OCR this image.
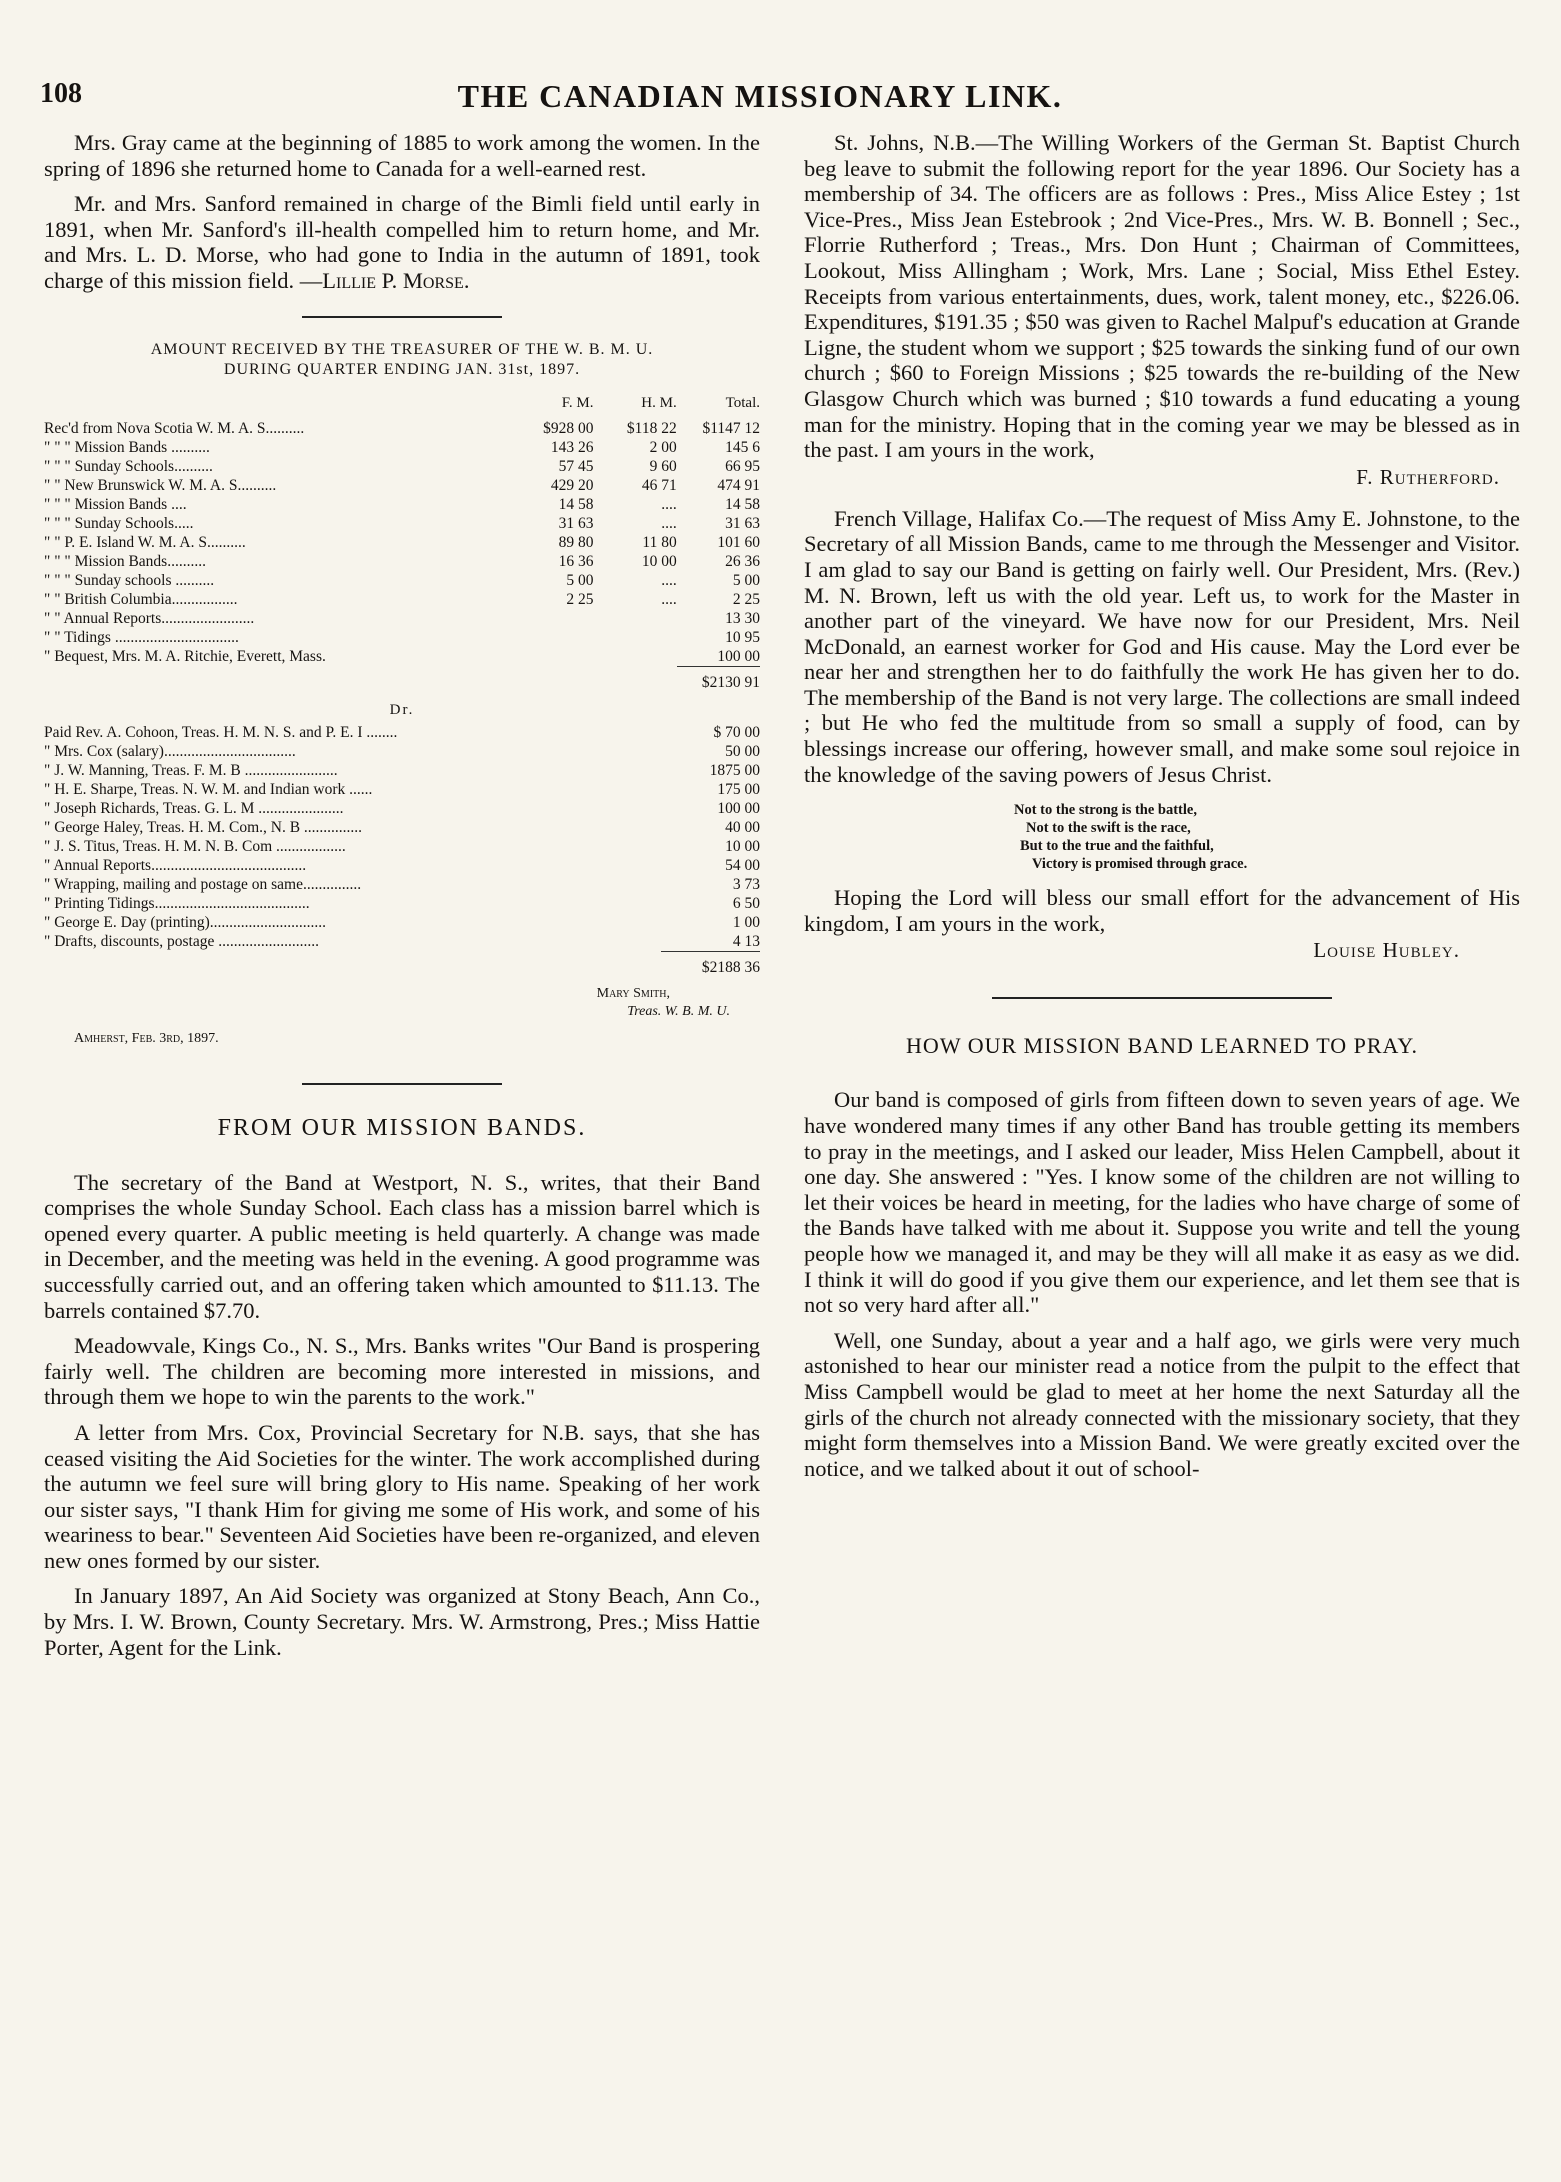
108	THE CANADIAN MISSIONARY LINK.

Mrs. Gray came at the beginning of 1885 to work among the women. In the spring of 1896 she returned home to Canada for a well-earned rest.

Mr. and Mrs. Sanford remained in charge of the Bimli field until early in 1891, when Mr. Sanford's ill-health compelled him to return home, and Mr. and Mrs. L. D. Morse, who had gone to India in the autumn of 1891, took charge of this mission field. —Lillie P. Morse.

AMOUNT RECEIVED BY THE TREASURER OF THE W. B. M. U.
DURING QUARTER ENDING JAN. 31st, 1897.
	F. M.	H. M.	Total.
Rec'd from Nova Scotia W. M. A. S..........	$928 00	$118 22	$1147 12
" " " Mission Bands ..........	143 26	2 00	145 6
" " " Sunday Schools..........	57 45	9 60	66 95
" " New Brunswick W. M. A. S..........	429 20	46 71	474 91
" " " Mission Bands ....	14 58	....	14 58
" " " Sunday Schools.....	31 63	....	31 63
" " P. E. Island W. M. A. S..........	89 80	11 80	101 60
" " " Mission Bands..........	16 36	10 00	26 36
" " " Sunday schools ..........	5 00	....	5 00
" " British Columbia.................	2 25	....	2 25
" " Annual Reports........................			13 30
" " Tidings ................................			10 95
" Bequest, Mrs. M. A. Ritchie, Everett, Mass.			100 00
			$2130 91
Dr.
Paid Rev. A. Cohoon, Treas. H. M. N. S. and P. E. I ........	$ 70 00
" Mrs. Cox (salary)..................................	50 00
" J. W. Manning, Treas. F. M. B ........................	1875 00
" H. E. Sharpe, Treas. N. W. M. and Indian work ......	175 00
" Joseph Richards, Treas. G. L. M ......................	100 00
" George Haley, Treas. H. M. Com., N. B ...............	40 00
" J. S. Titus, Treas. H. M. N. B. Com ..................	10 00
" Annual Reports........................................	54 00
" Wrapping, mailing and postage on same...............	3 73
" Printing Tidings........................................	6 50
" George E. Day (printing)..............................	1 00
" Drafts, discounts, postage ..........................	4 13
	$2188 36
Mary Smith,
Treas. W. B. M. U.
Amherst, Feb. 3rd, 1897.
FROM OUR MISSION BANDS.

The secretary of the Band at Westport, N. S., writes, that their Band comprises the whole Sunday School. Each class has a mission barrel which is opened every quarter. A public meeting is held quarterly. A change was made in December, and the meeting was held in the evening. A good programme was successfully carried out, and an offering taken which amounted to $11.13. The barrels contained $7.70.

Meadowvale, Kings Co., N. S., Mrs. Banks writes "Our Band is prospering fairly well. The children are becoming more interested in missions, and through them we hope to win the parents to the work."

A letter from Mrs. Cox, Provincial Secretary for N.B. says, that she has ceased visiting the Aid Societies for the winter. The work accomplished during the autumn we feel sure will bring glory to His name. Speaking of her work our sister says, "I thank Him for giving me some of His work, and some of his weariness to bear." Seventeen Aid Societies have been re-organized, and eleven new ones formed by our sister.

In January 1897, An Aid Society was organized at Stony Beach, Ann Co., by Mrs. I. W. Brown, County Secretary. Mrs. W. Armstrong, Pres.; Miss Hattie Porter, Agent for the Link.

St. Johns, N.B.—The Willing Workers of the German St. Baptist Church beg leave to submit the following report for the year 1896. Our Society has a membership of 34. The officers are as follows : Pres., Miss Alice Estey ; 1st Vice-Pres., Miss Jean Estebrook ; 2nd Vice-Pres., Mrs. W. B. Bonnell ; Sec., Florrie Rutherford ; Treas., Mrs. Don Hunt ; Chairman of Committees, Lookout, Miss Allingham ; Work, Mrs. Lane ; Social, Miss Ethel Estey. Receipts from various entertainments, dues, work, talent money, etc., $226.06. Expenditures, $191.35 ; $50 was given to Rachel Malpuf's education at Grande Ligne, the student whom we support ; $25 towards the sinking fund of our own church ; $60 to Foreign Missions ; $25 towards the re-building of the New Glasgow Church which was burned ; $10 towards a fund educating a young man for the ministry. Hoping that in the coming year we may be blessed as in the past. I am yours in the work,

F. Rutherford.

French Village, Halifax Co.—The request of Miss Amy E. Johnstone, to the Secretary of all Mission Bands, came to me through the Messenger and Visitor. I am glad to say our Band is getting on fairly well. Our President, Mrs. (Rev.) M. N. Brown, left us with the old year. Left us, to work for the Master in another part of the vineyard. We have now for our President, Mrs. Neil McDonald, an earnest worker for God and His cause. May the Lord ever be near her and strengthen her to do faithfully the work He has given her to do. The membership of the Band is not very large. The collections are small indeed ; but He who fed the multitude from so small a supply of food, can by blessings increase our offering, however small, and make some soul rejoice in the knowledge of the saving powers of Jesus Christ.

Not to the strong is the battle,
Not to the swift is the race,
But to the true and the faithful,
Victory is promised through grace.

Hoping the Lord will bless our small effort for the advancement of His kingdom, I am yours in the work,

Louise Hubley.
HOW OUR MISSION BAND LEARNED TO PRAY.

Our band is composed of girls from fifteen down to seven years of age. We have wondered many times if any other Band has trouble getting its members to pray in the meetings, and I asked our leader, Miss Helen Campbell, about it one day. She answered : "Yes. I know some of the children are not willing to let their voices be heard in meeting, for the ladies who have charge of some of the Bands have talked with me about it. Suppose you write and tell the young people how we managed it, and may be they will all make it as easy as we did. I think it will do good if you give them our experience, and let them see that is not so very hard after all."

Well, one Sunday, about a year and a half ago, we girls were very much astonished to hear our minister read a notice from the pulpit to the effect that Miss Campbell would be glad to meet at her home the next Saturday all the girls of the church not already connected with the missionary society, that they might form themselves into a Mission Band. We were greatly excited over the notice, and we talked about it out of school-
